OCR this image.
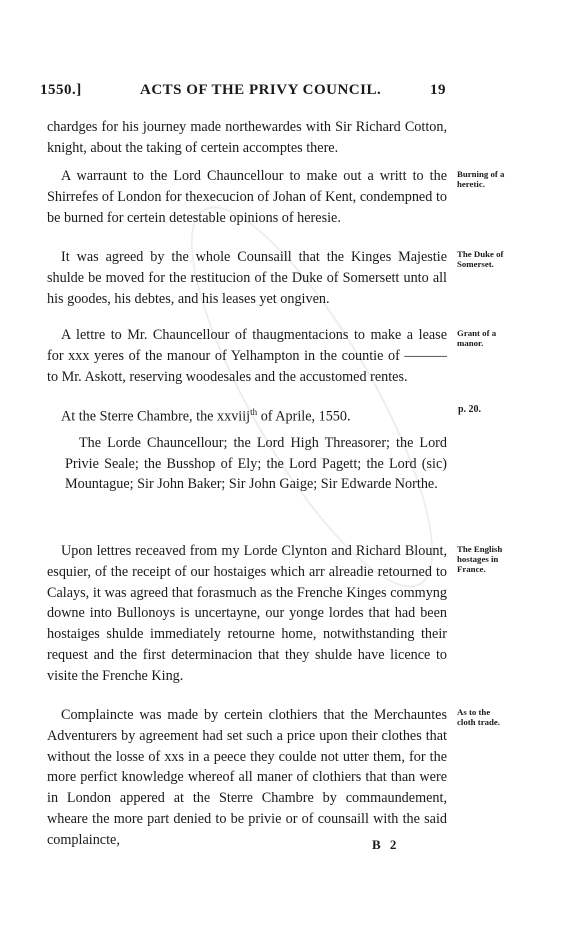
1550.]	ACTS OF THE PRIVY COUNCIL.	19

chardges for his journey made northewardes with Sir Richard Cotton, knight, about the taking of certein accomptes there.

A warraunt to the Lord Chauncellour to make out a writt to the Shirrefes of London for thexecucion of Johan of Kent, condempned to be burned for certein detestable opinions of heresie.

Burning of a
heretic.

It was agreed by the whole Counsaill that the Kinges Majestie shulde be moved for the restitucion of the Duke of Somersett unto all his goodes, his debtes, and his leases yet ongiven.

The Duke of
Somerset.

A lettre to Mr. Chauncellour of thaugmentacions to make a lease for xxx yeres of the manour of Yelhampton in the countie of ——— to Mr. Askott, reserving woodesales and the accustomed rentes.

Grant of a
manor.
At the Sterre Chambre, the xxviij$^{th}$ of Aprile, 1550.	p. 20.
The Lorde Chauncellour; the Lord High Threasorer; the Lord Privie Seale; the Busshop of Ely; the Lord Pagett; the Lord (sic) Mountague; Sir John Baker; Sir John Gaige; Sir Edwarde Northe.

Upon lettres receaved from my Lorde Clynton and Richard Blount, esquier, of the receipt of our hostaiges which arr alreadie retourned to Calays, it was agreed that forasmuch as the Frenche Kinges commyng downe into Bullonoys is uncertayne, our yonge lordes that had been hostaiges shulde immediately retourne home, notwithstanding their request and the first determinacion that they shulde have licence to visite the Frenche King.

The English
hostages in
France.

Complaincte was made by certein clothiers that the Merchauntes Adventurers by agreement had set such a price upon their clothes that without the losse of xxs in a peece they coulde not utter them, for the more perfict knowledge whereof all maner of clothiers that than were in London appered at the Sterre Chambre by commaundement, wheare the more part denied to be privie or of counsaill with the said complaincte,

As to the
cloth trade.
B 2
